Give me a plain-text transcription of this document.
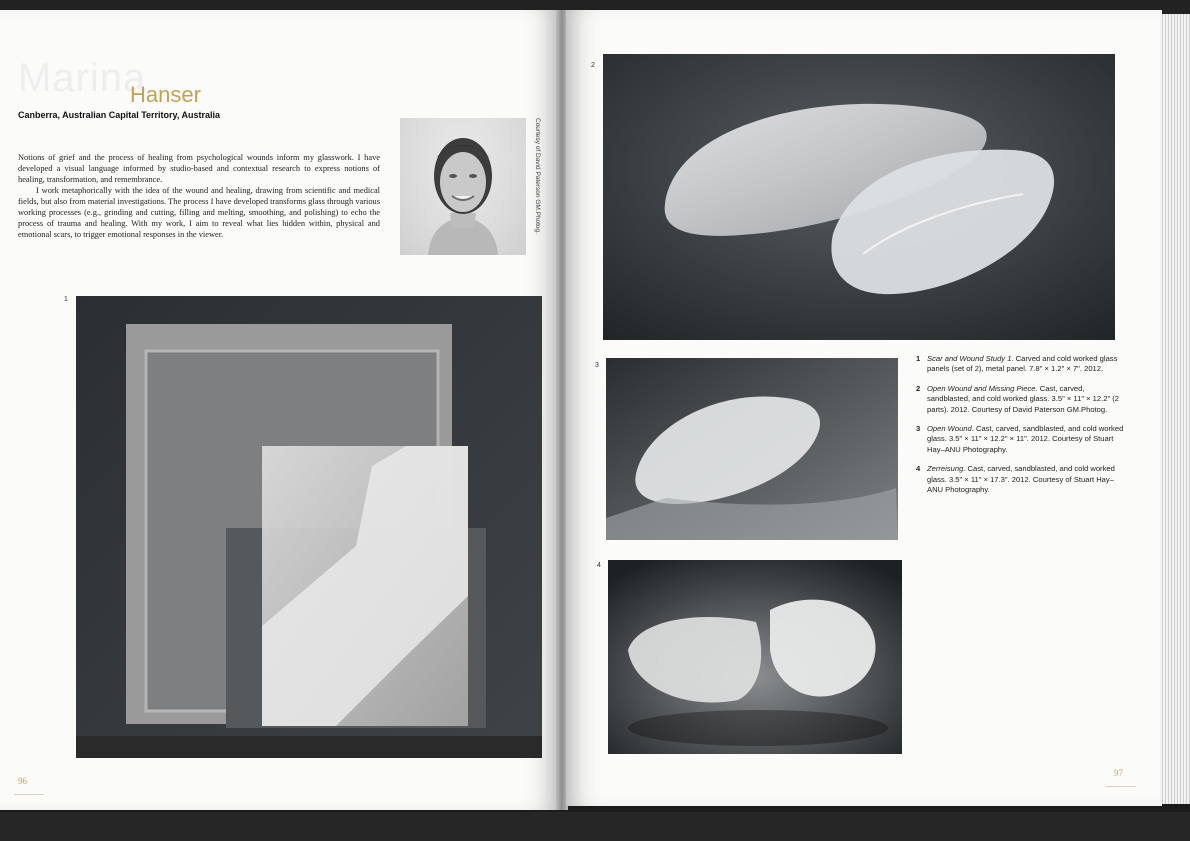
Marina
Hanser
Canberra, Australian Capital Territory, Australia

Notions of grief and the process of healing from psychological wounds inform my glasswork. I have developed a visual language informed by studio-based and contextual research to express notions of healing, transformation, and remembrance.

I work metaphorically with the idea of the wound and healing, drawing from scientific and medical fields, but also from material investigations. The process I have developed transforms glass through various working processes (e.g., grinding and cutting, filling and melting, smoothing, and polishing) to echo the process of trauma and healing. With my work, I aim to reveal what lies hidden within, physical and emotional scars, to trigger emotional responses in the viewer.

Courtesy of David Paterson GM.Photog.
1
96
2
3
4
1 Scar and Wound Study 1. Carved and cold worked glass panels (set of 2), metal panel. 7.8" × 1.2" × 7". 2012.
2 Open Wound and Missing Piece. Cast, carved, sandblasted, and cold worked glass. 3.5" × 11" × 12.2" (2 parts). 2012. Courtesy of David Paterson GM.Photog.
3 Open Wound. Cast, carved, sandblasted, and cold worked glass. 3.5" × 11" × 12.2" × 11". 2012. Courtesy of Stuart Hay–ANU Photography.
4 Zerreisung. Cast, carved, sandblasted, and cold worked glass. 3.5" × 11" × 17.3". 2012. Courtesy of Stuart Hay–ANU Photography.
97
